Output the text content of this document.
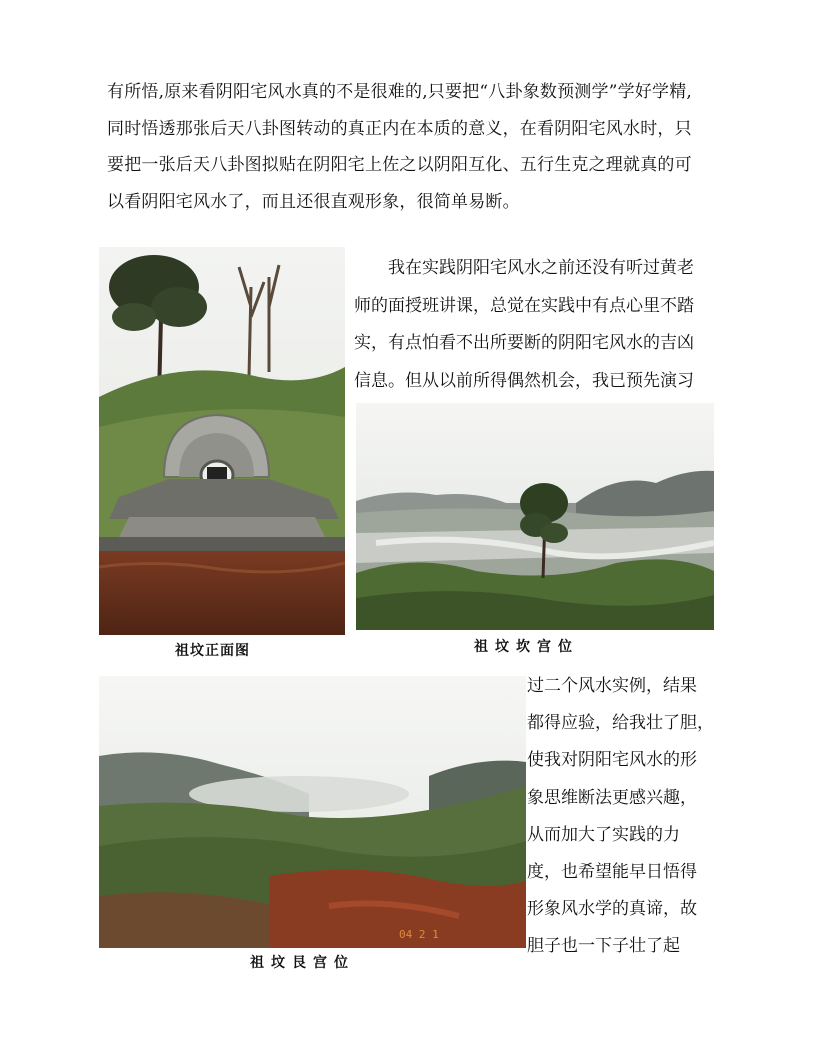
有所悟,原来看阴阳宅风水真的不是很难的,只要把“八卦象数预测学”学好学精,
同时悟透那张后天八卦图转动的真正内在本质的意义，在看阴阳宅风水时，只
要把一张后天八卦图拟贴在阴阳宅上佐之以阴阳互化、五行生克之理就真的可
以看阴阳宅风水了，而且还很直观形象，很简单易断。
祖坟正面图
我在实践阴阳宅风水之前还没有听过黄老
师的面授班讲课，总觉在实践中有点心里不踏
实，有点怕看不出所要断的阴阳宅风水的吉凶
信息。但从以前所得偶然机会，我已预先演习
祖坟坎宫位
04 2 1
祖坟艮宫位
过二个风水实例，结果
都得应验，给我壮了胆，
使我对阴阳宅风水的形
象思维断法更感兴趣，
从而加大了实践的力
度，也希望能早日悟得
形象风水学的真谛，故
胆子也一下子壮了起
